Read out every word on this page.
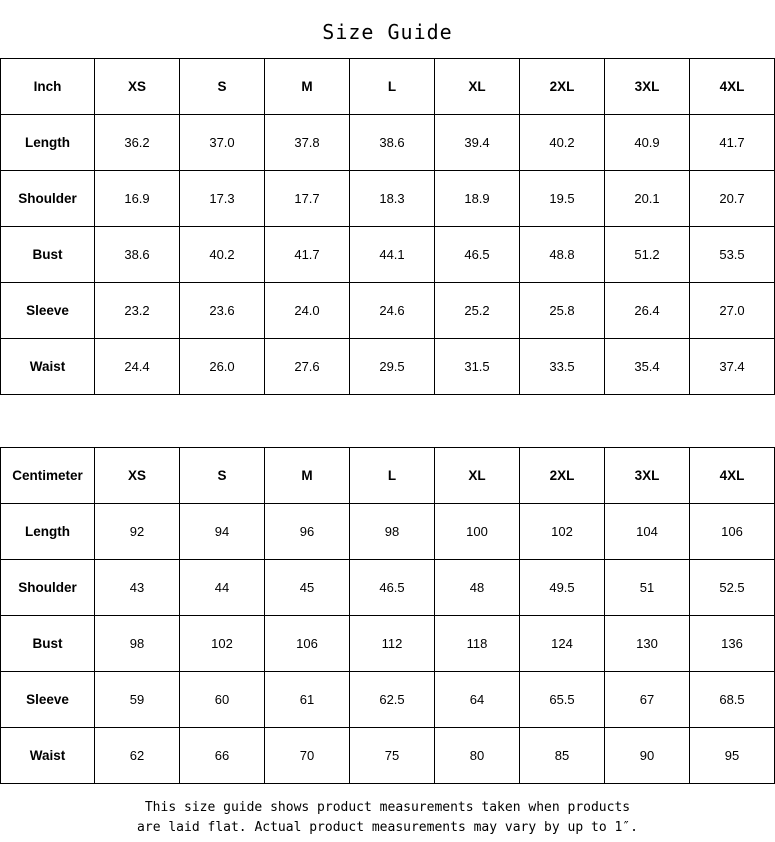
Size Guide
Inch	XS	S	M	L	XL	2XL	3XL	4XL
Length	36.2	37.0	37.8	38.6	39.4	40.2	40.9	41.7
Shoulder	16.9	17.3	17.7	18.3	18.9	19.5	20.1	20.7
Bust	38.6	40.2	41.7	44.1	46.5	48.8	51.2	53.5
Sleeve	23.2	23.6	24.0	24.6	25.2	25.8	26.4	27.0
Waist	24.4	26.0	27.6	29.5	31.5	33.5	35.4	37.4
Centimeter	XS	S	M	L	XL	2XL	3XL	4XL
Length	92	94	96	98	100	102	104	106
Shoulder	43	44	45	46.5	48	49.5	51	52.5
Bust	98	102	106	112	118	124	130	136
Sleeve	59	60	61	62.5	64	65.5	67	68.5
Waist	62	66	70	75	80	85	90	95
This size guide shows product measurements taken when products
are laid flat. Actual product measurements may vary by up to 1″.
